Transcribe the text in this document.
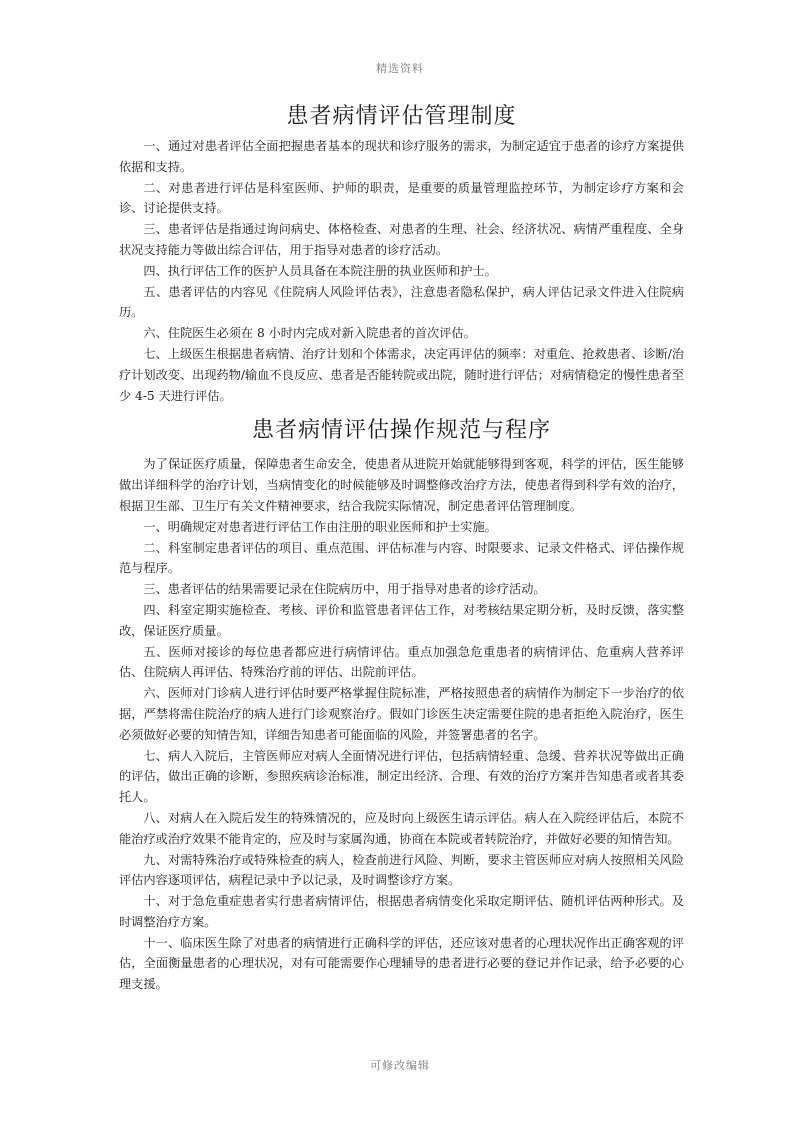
精选资料
患者病情评估管理制度

一、通过对患者评估全面把握患者基本的现状和诊疗服务的需求，为制定适宜于患者的诊疗方案提供依据和支持。

二、对患者进行评估是科室医师、护师的职责，是重要的质量管理监控环节，为制定诊疗方案和会诊、讨论提供支持。

三、患者评估是指通过询问病史、体格检查、对患者的生理、社会、经济状况、病情严重程度、全身状况支持能力等做出综合评估，用于指导对患者的诊疗活动。

四、执行评估工作的医护人员具备在本院注册的执业医师和护士。

五、患者评估的内容见《住院病人风险评估表》，注意患者隐私保护，病人评估记录文件进入住院病历。

六、住院医生必须在 8 小时内完成对新入院患者的首次评估。

七、上级医生根据患者病情、治疗计划和个体需求，决定再评估的频率：对重危、抢救患者、诊断/治疗计划改变、出现药物/输血不良反应、患者是否能转院或出院，随时进行评估；对病情稳定的慢性患者至少 4-5 天进行评估。

患者病情评估操作规范与程序

为了保证医疗质量，保障患者生命安全，使患者从进院开始就能够得到客观，科学的评估，医生能够做出详细科学的治疗计划，当病情变化的时候能够及时调整修改治疗方法，使患者得到科学有效的治疗，根据卫生部、卫生厅有关文件精神要求，结合我院实际情况，制定患者评估管理制度。

一、明确规定对患者进行评估工作由注册的职业医师和护士实施。

二、科室制定患者评估的项目、重点范围、评估标准与内容、时限要求、记录文件格式、评估操作规范与程序。

三、患者评估的结果需要记录在住院病历中，用于指导对患者的诊疗活动。

四、科室定期实施检查、考核、评价和监管患者评估工作，对考核结果定期分析，及时反馈，落实整改，保证医疗质量。

五、医师对接诊的每位患者都应进行病情评估。重点加强急危重患者的病情评估、危重病人营养评估、住院病人再评估、特殊治疗前的评估、出院前评估。

六、医师对门诊病人进行评估时要严格掌握住院标准，严格按照患者的病情作为制定下一步治疗的依据，严禁将需住院治疗的病人进行门诊观察治疗。假如门诊医生决定需要住院的患者拒绝入院治疗，医生必须做好必要的知情告知，详细告知患者可能面临的风险，并签署患者的名字。

七、病人入院后，主管医师应对病人全面情况进行评估，包括病情轻重、急缓、营养状况等做出正确的评估，做出正确的诊断，参照疾病诊治标准，制定出经济、合理、有效的治疗方案并告知患者或者其委托人。

八、对病人在入院后发生的特殊情况的，应及时向上级医生请示评估。病人在入院经评估后，本院不能治疗或治疗效果不能肯定的，应及时与家属沟通，协商在本院或者转院治疗，并做好必要的知情告知。

九、对需特殊治疗或特殊检查的病人，检查前进行风险、判断，要求主管医师应对病人按照相关风险评估内容逐项评估，病程记录中予以记录，及时调整诊疗方案。

十、对于急危重症患者实行患者病情评估，根据患者病情变化采取定期评估、随机评估两种形式。及时调整治疗方案。

十一、临床医生除了对患者的病情进行正确科学的评估，还应该对患者的心理状况作出正确客观的评估，全面衡量患者的心理状况，对有可能需要作心理辅导的患者进行必要的登记并作记录，给予必要的心理支援。

可修改编辑
